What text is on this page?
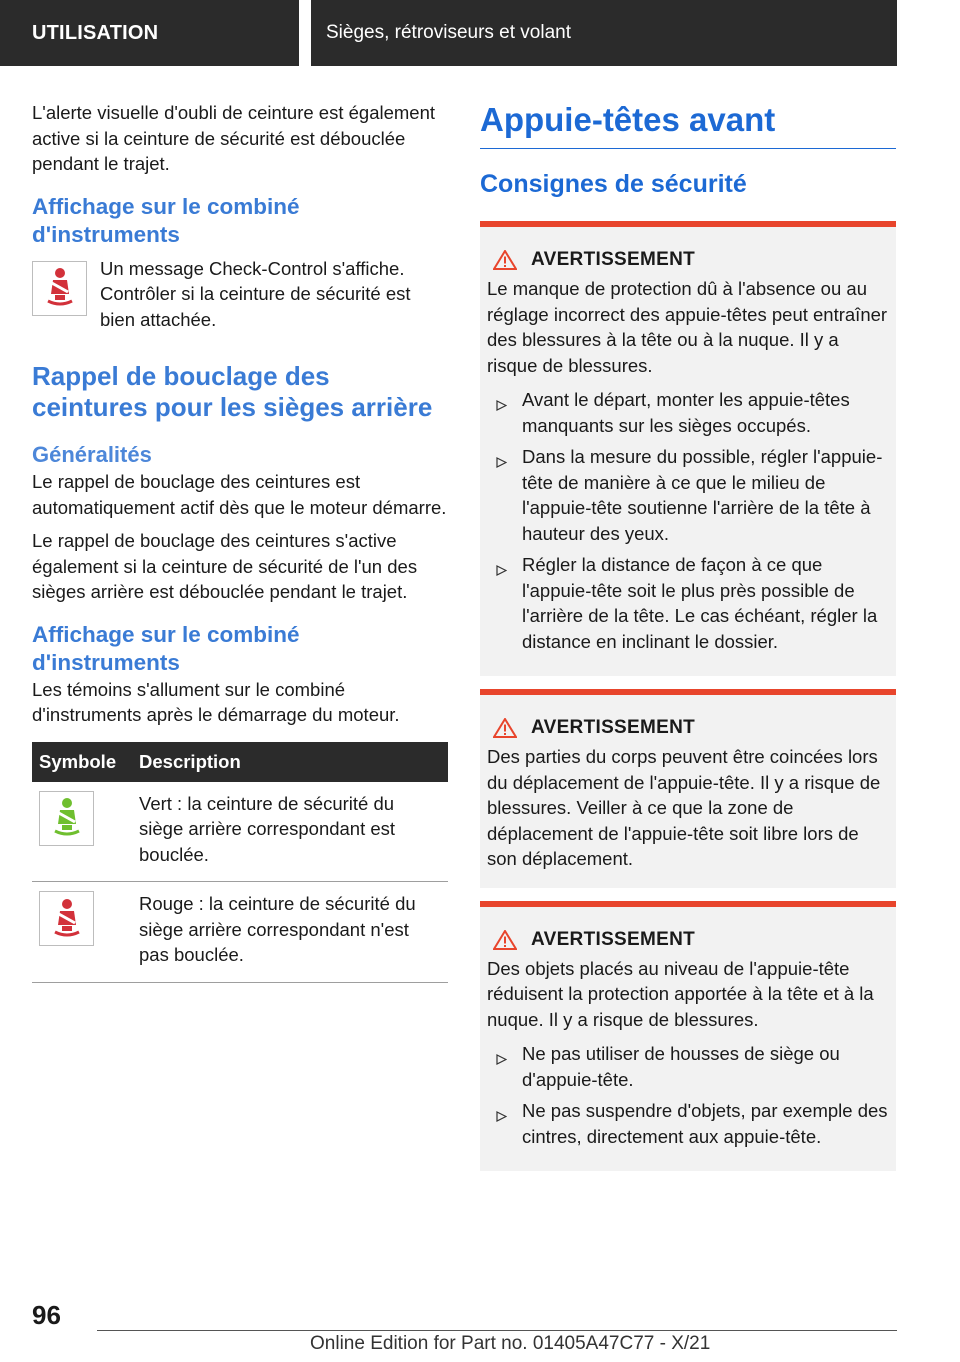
UTILISATION	Sièges, rétroviseurs et volant

L'alerte visuelle d'oubli de ceinture est également active si la ceinture de sécurité est débouclée pendant le trajet.

Affichage sur le combiné d'instruments

Un message Check-Control s'affiche. Contrôler si la ceinture de sécurité est bien attachée.

Rappel de bouclage des ceintures pour les sièges arrière
Généralités

Le rappel de bouclage des ceintures est automatiquement actif dès que le moteur démarre.

Le rappel de bouclage des ceintures s'active également si la ceinture de sécurité de l'un des sièges arrière est débouclée pendant le trajet.

Affichage sur le combiné d'instruments

Les témoins s'allument sur le combiné d'instruments après le démarrage du moteur.

Symbole	Description

	Vert : la ceinture de sécurité du siège arrière correspondant est bouclée.

	Rouge : la ceinture de sécurité du siège arrière correspondant n'est pas bouclée.
Appuie-têtes avant
Consignes de sécurité
AVERTISSEMENT

Le manque de protection dû à l'absence ou au réglage incorrect des appuie-têtes peut entraîner des blessures à la tête ou à la nuque. Il y a risque de blessures.

Avant le départ, monter les appuie-têtes manquants sur les sièges occupés.
Dans la mesure du possible, régler l'appuie-tête de manière à ce que le milieu de l'appuie-tête soutienne l'arrière de la tête à hauteur des yeux.
Régler la distance de façon à ce que l'appuie-tête soit le plus près possible de l'arrière de la tête. Le cas échéant, régler la distance en inclinant le dossier.
AVERTISSEMENT

Des parties du corps peuvent être coincées lors du déplacement de l'appuie-tête. Il y a risque de blessures. Veiller à ce que la zone de déplacement de l'appuie-tête soit libre lors de son déplacement.

AVERTISSEMENT

Des objets placés au niveau de l'appuie-tête réduisent la protection apportée à la tête et à la nuque. Il y a risque de blessures.

Ne pas utiliser de housses de siège ou d'appuie-tête.
Ne pas suspendre d'objets, par exemple des cintres, directement aux appuie-tête.
96
Online Edition for Part no. 01405A47C77 - X/21
